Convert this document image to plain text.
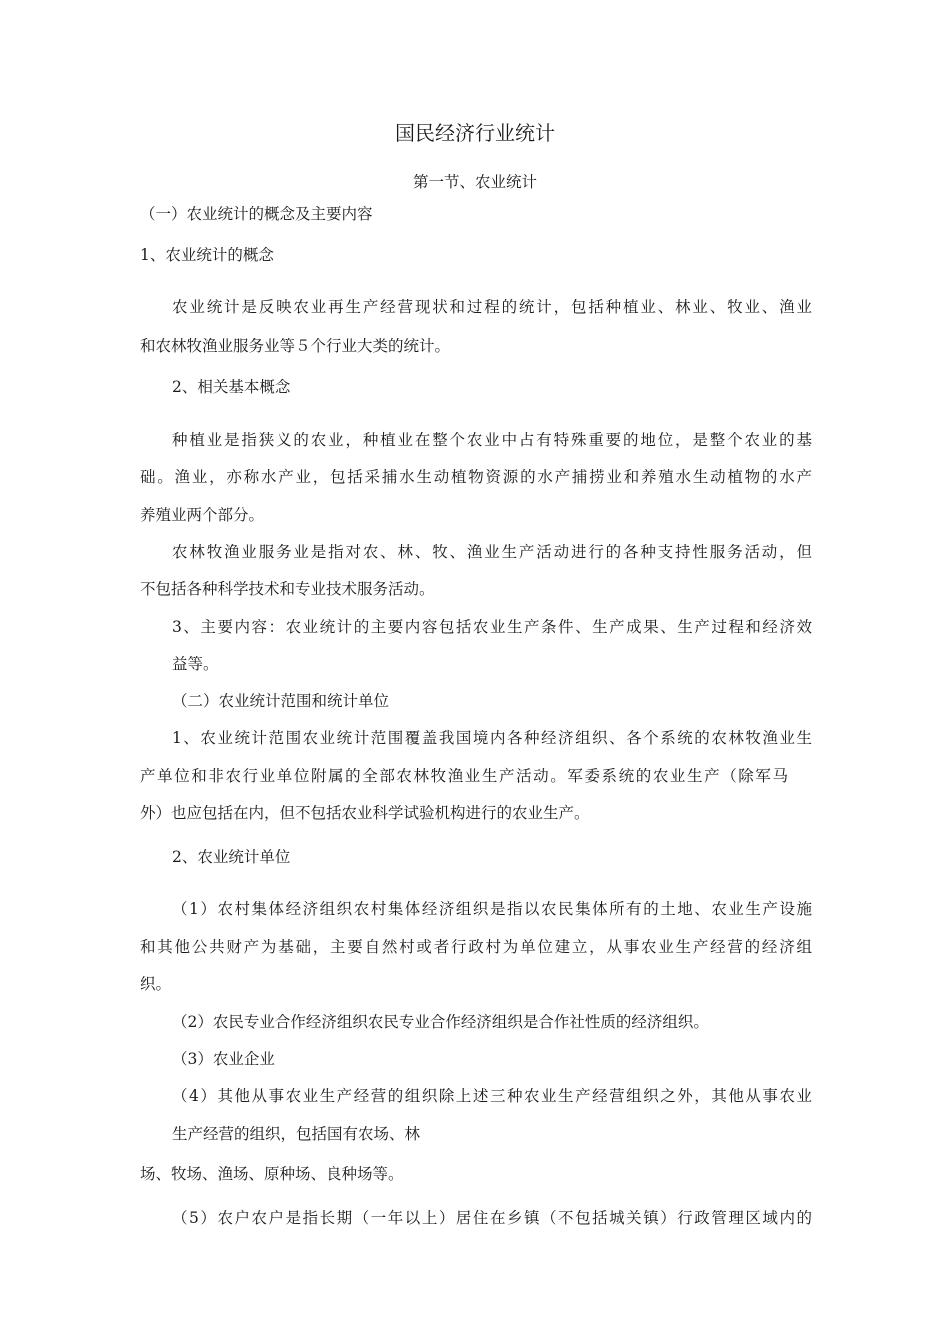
国民经济行业统计

第一节、农业统计

（一）农业统计的概念及主要内容

1、农业统计的概念

农业统计是反映农业再生产经营现状和过程的统计，包括种植业、林业、牧业、渔业

和农林牧渔业服务业等５个行业大类的统计。

2、相关基本概念

种植业是指狭义的农业，种植业在整个农业中占有特殊重要的地位，是整个农业的基

础。渔业，亦称水产业，包括采捕水生动植物资源的水产捕捞业和养殖水生动植物的水产

养殖业两个部分。

农林牧渔业服务业是指对农、林、牧、渔业生产活动进行的各种支持性服务活动，但

不包括各种科学技术和专业技术服务活动。

3、主要内容：农业统计的主要内容包括农业生产条件、生产成果、生产过程和经济效

益等。

（二）农业统计范围和统计单位

1、农业统计范围农业统计范围覆盖我国境内各种经济组织、各个系统的农林牧渔业生

产单位和非农行业单位附属的全部农林牧渔业生产活动。军委系统的农业生产（除军马

外）也应包括在内，但不包括农业科学试验机构进行的农业生产。

2、农业统计单位

（1）农村集体经济组织农村集体经济组织是指以农民集体所有的土地、农业生产设施

和其他公共财产为基础，主要自然村或者行政村为单位建立，从事农业生产经营的经济组

织。

（2）农民专业合作经济组织农民专业合作经济组织是合作社性质的经济组织。

（3）农业企业

（4）其他从事农业生产经营的组织除上述三种农业生产经营组织之外，其他从事农业

生产经营的组织，包括国有农场、林

场、牧场、渔场、原种场、良种场等。

（5）农户农户是指长期（一年以上）居住在乡镇（不包括城关镇）行政管理区域内的
